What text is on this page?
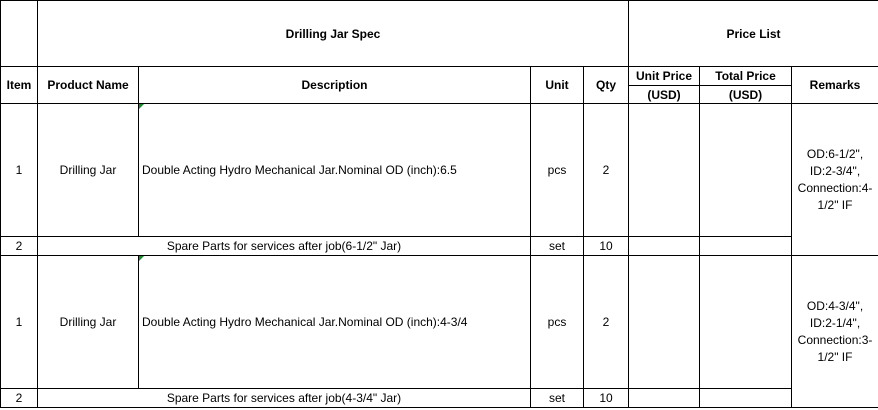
	Drilling Jar Spec				Price List		
Item	Product Name	Description	Unit	Qty	Unit Price	Total Price	Remarks
					(USD)	(USD)	
1	Drilling Jar	Double Acting Hydro Mechanical Jar.Nominal OD (inch):6.5	pcs	2			OD:6-1/2",
ID:2-3/4",
Connection:4-
1/2" IF

2	Spare Parts for services after job(6-1/2" Jar)		set	10			
1	Drilling Jar	Double Acting Hydro Mechanical Jar.Nominal OD (inch):4-3/4	pcs	2			OD:4-3/4",
ID:2-1/4",
Connection:3-
1/2" IF

2	Spare Parts for services after job(4-3/4" Jar)		set	10			
